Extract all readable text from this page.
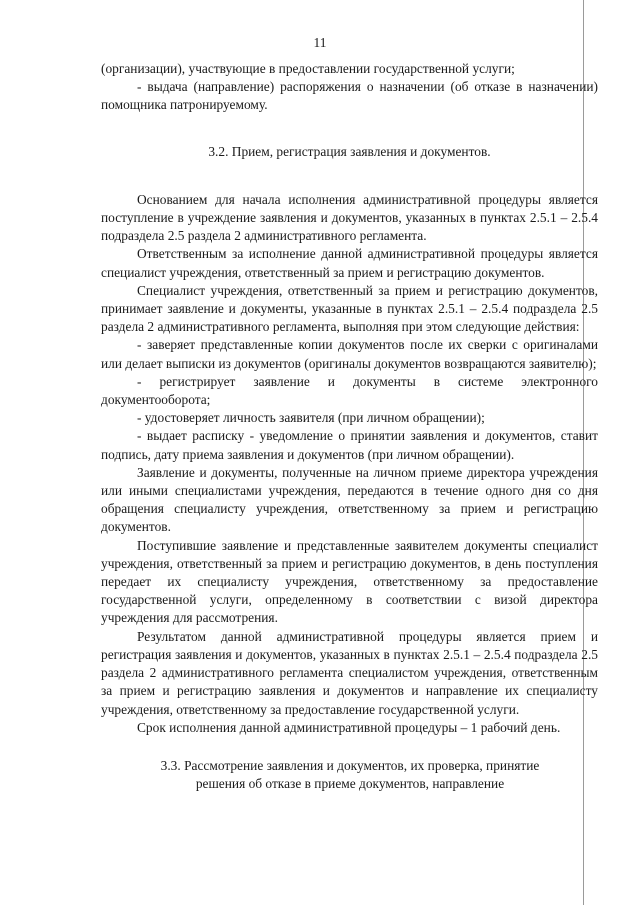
11

(организации), участвующие в предоставлении государственной услуги;

- выдача (направление) распоряжения о назначении (об отказе в назначении) помощника патронируемому.

3.2. Прием, регистрация заявления и документов.

Основанием для начала исполнения административной процедуры является поступление в учреждение заявления и документов, указанных в пунктах 2.5.1 – 2.5.4 подраздела 2.5 раздела 2 административного регламента.

Ответственным за исполнение данной административной процедуры является специалист учреждения, ответственный за прием и регистрацию документов.

Специалист учреждения, ответственный за прием и регистрацию документов, принимает заявление и документы, указанные в пунктах 2.5.1 – 2.5.4 подраздела 2.5 раздела 2 административного регламента, выполняя при этом следующие действия:

- заверяет представленные копии документов после их сверки с оригиналами или делает выписки из документов (оригиналы документов возвращаются заявителю);

- регистрирует заявление и документы в системе электронного документооборота;

- удостоверяет личность заявителя (при личном обращении);

- выдает расписку - уведомление о принятии заявления и документов, ставит подпись, дату приема заявления и документов (при личном обращении).

Заявление и документы, полученные на личном приеме директора учреждения или иными специалистами учреждения, передаются в течение одного дня со дня обращения специалисту учреждения, ответственному за прием и регистрацию документов.

Поступившие заявление и представленные заявителем документы специалист учреждения, ответственный за прием и регистрацию документов, в день поступления передает их специалисту учреждения, ответственному за предоставление государственной услуги, определенному в соответствии с визой директора учреждения для рассмотрения.

Результатом данной административной процедуры является прием и регистрация заявления и документов, указанных в пунктах 2.5.1 – 2.5.4 подраздела 2.5 раздела 2 административного регламента специалистом учреждения, ответственным за прием и регистрацию заявления и документов и направление их специалисту учреждения, ответственному за предоставление государственной услуги.

Срок исполнения данной административной процедуры – 1 рабочий день.

3.3. Рассмотрение заявления и документов, их проверка, принятие
решения об отказе в приеме документов, направление
